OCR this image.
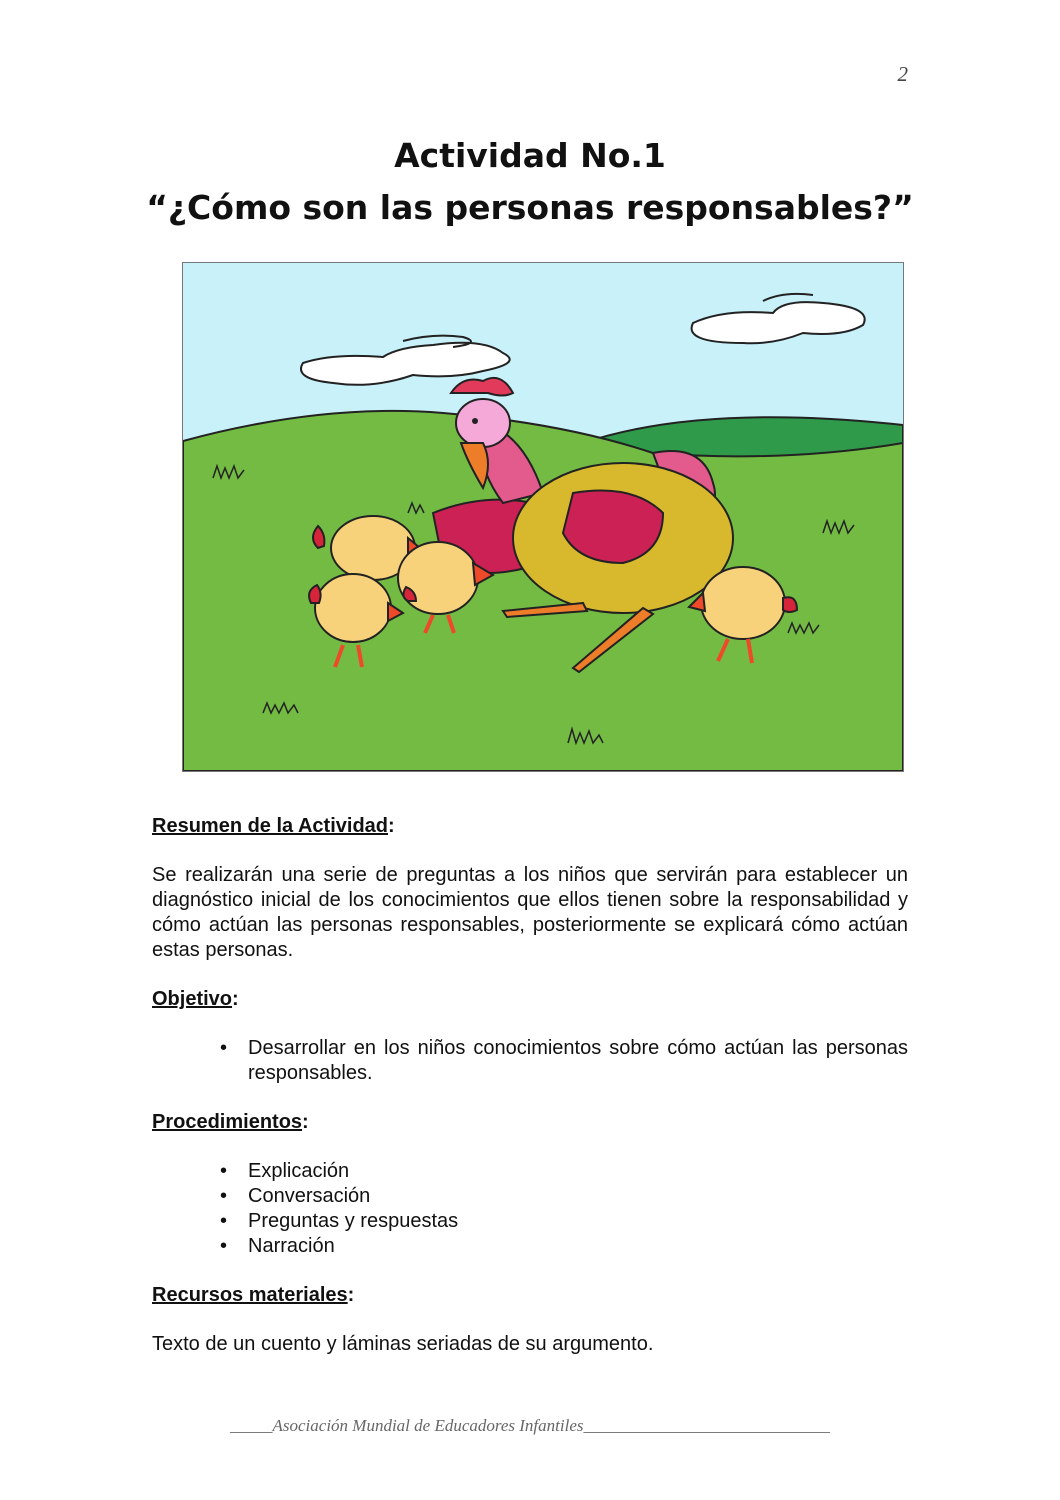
2
Actividad No.1
“¿Cómo son las personas responsables?”

Resumen de la Actividad:

Se realizarán una serie de preguntas a los niños que servirán para establecer un diagnóstico inicial de los conocimientos que ellos tienen sobre la responsabilidad y cómo actúan las personas responsables, posteriormente se explicará cómo actúan estas personas.

Objetivo:

• Desarrollar en los niños conocimientos sobre cómo actúan las personas responsables.

Procedimientos:

• Explicación
• Conversación
• Preguntas y respuestas
• Narración

Recursos materiales:

Texto de un cuento y láminas seriadas de su argumento.

_____Asociación Mundial de Educadores Infantiles_____________________________
